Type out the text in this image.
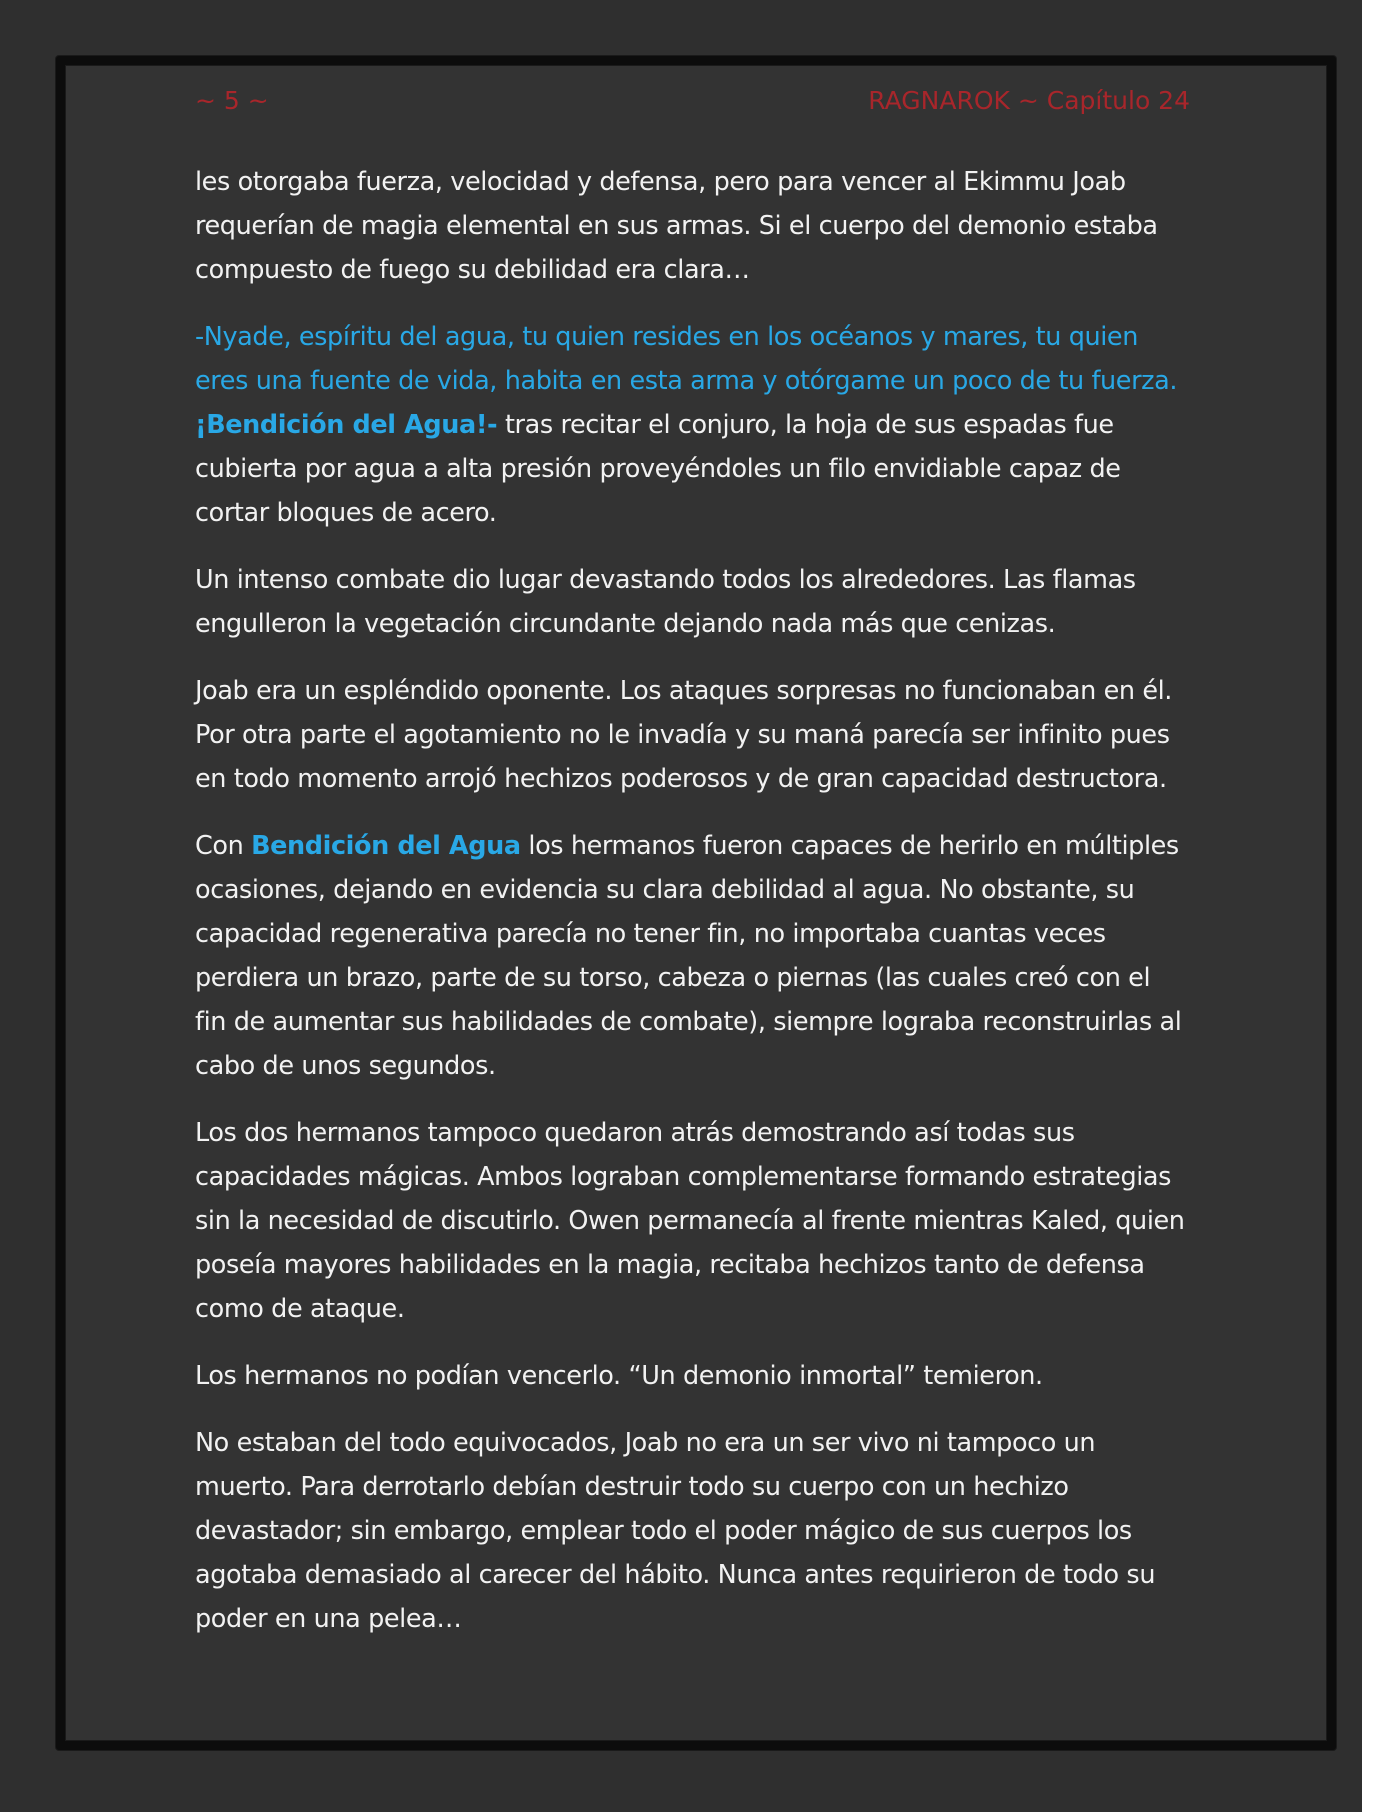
~ 5 ~	RAGNAROK ~ Capítulo 24

les otorgaba fuerza, velocidad y defensa, pero para vencer al Ekimmu Joab
requerían de magia elemental en sus armas. Si el cuerpo del demonio estaba
compuesto de fuego su debilidad era clara…

-Nyade, espíritu del agua, tu quien resides en los océanos y mares, tu quien
eres una fuente de vida, habita en esta arma y otórgame un poco de tu fuerza.
¡Bendición del Agua!- tras recitar el conjuro, la hoja de sus espadas fue
cubierta por agua a alta presión proveyéndoles un filo envidiable capaz de
cortar bloques de acero.

Un intenso combate dio lugar devastando todos los alrededores. Las flamas
engulleron la vegetación circundante dejando nada más que cenizas.

Joab era un espléndido oponente. Los ataques sorpresas no funcionaban en él.
Por otra parte el agotamiento no le invadía y su maná parecía ser infinito pues
en todo momento arrojó hechizos poderosos y de gran capacidad destructora.

Con Bendición del Agua los hermanos fueron capaces de herirlo en múltiples
ocasiones, dejando en evidencia su clara debilidad al agua. No obstante, su
capacidad regenerativa parecía no tener fin, no importaba cuantas veces
perdiera un brazo, parte de su torso, cabeza o piernas (las cuales creó con el
fin de aumentar sus habilidades de combate), siempre lograba reconstruirlas al
cabo de unos segundos.

Los dos hermanos tampoco quedaron atrás demostrando así todas sus
capacidades mágicas. Ambos lograban complementarse formando estrategias
sin la necesidad de discutirlo. Owen permanecía al frente mientras Kaled, quien
poseía mayores habilidades en la magia, recitaba hechizos tanto de defensa
como de ataque.

Los hermanos no podían vencerlo. “Un demonio inmortal” temieron.

No estaban del todo equivocados, Joab no era un ser vivo ni tampoco un
muerto. Para derrotarlo debían destruir todo su cuerpo con un hechizo
devastador; sin embargo, emplear todo el poder mágico de sus cuerpos los
agotaba demasiado al carecer del hábito. Nunca antes requirieron de todo su
poder en una pelea…
